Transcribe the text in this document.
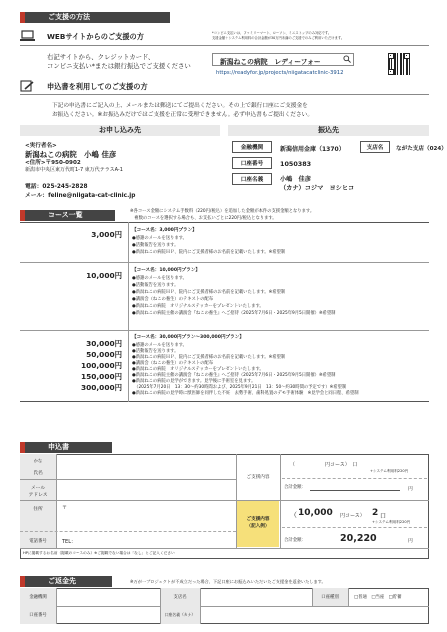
ご支援の方法
WEBサイトからのご支援の方	*コンビニ支払いは、ファミリーマート、ローソン、ミニストップのみ対応です。
支援金額＋システム利用料の合計金額が30万円未満のご支援でのみご利用いただけます。
右記サイトから、クレジットカード、
コンビニ支払い*または銀行振込でご支援ください	新潟ねこの病院　レディーフォー
https://readyfor.jp/projects/niigatacatclinic-3912
申込書を利用してのご支援の方
下記の申込書にご記入の上、メールまたは郵送にてご提出ください。その上で銀行口座にご支援金を
お振込ください。※お振込みだけではご支援を正常に受理できません。必ず申込書もご提出ください。
お申し込み先	振込先
<実行者名>
新潟ねこの病院　小嶋 佳彦
<住所>〒950-0902
新潟市中央区東万代町1-7 東万代テラスA-1
電話：025-245-2828
メール：feline@niigata-cat-clinic.jp
金融機関	新潟信用金庫（1370）	支店名	ながた支店（024）
口座番号	1050383
口座名義	小嶋　佳彦
（カナ）コジマ　ヨシヒコ
コース一覧	※各コース金額にシステム手数料（220円/税込）を追加した金額が本件の支援金額となります。
　複数のコースを選択する場合も、お支払いごとに220円/税込となります。
3,000円 【コース名：3,000円プラン】
●感謝のメールを送ります。
●活動報告を送ります。
●新潟ねこの病院ＨＰ、院内にご支援者様のお名前を記載いたします。※希望制
10,000円
【コース名：10,000円プラン】
●感謝のメールを送ります。
●活動報告を送ります。
●新潟ねこの病院ＨＰ、院内にご支援者様のお名前を記載いたします。※希望制
●講演会（ねこの養生）のテキストの配布
●新潟ねこの病院　オリジナルステッカーをプレゼントいたします。
●新潟ねこの病院主催の講演会『ねこの養生』へご招待（2025年7月6日・2025年9月5日開催）※希望制
30,000円
50,000円
100,000円
150,000円
300,000円
【コース名：30,000円プラン〜300,000円プラン】
●感謝のメールを送ります。
●活動報告を送ります。
●新潟ねこの病院ＨＰ、院内にご支援者様のお名前を記載いたします。※希望制
●講演会（ねこの養生）のテキストの配布
●新潟ねこの病院　オリジナルステッカーをプレゼントいたします。
●新潟ねこの病院主催の講演会『ねこの養生』へご招待（2025年7月6日・2025年9月5日開催）※希望制
●新潟ねこの病院の見学ができます。見学後に手術室を見ます。
　（2025年7月20日　13：30〜約30時間および、2025年9月21日　13：50〜約30時間の予定です）※希望制
●新潟ねこの病院の見学時に獣医師を同伴した不妊　去勢手術、歯科処置のデモ手術体験　※見学会と同日程、希望制
申込書
かな
氏名
メール
アドレス
住所	〒
電話番号	TEL：
ご支援内容
（　　　　　　円コース）　口
+システム利用料220円
合計金額：	円
ご支援内容
（記入例）
（ 10,000 円コース） 2 口
+システム利用料220円
合計金額：	20,220	円
HPに掲載するお名前（掲載のコースのみ）※ご掲載でない場合は「なし」とご記入ください
ご返金先	※万が一プロジェクトが不成立だった場合、下記口座にお振込みいただいたご支援金を返金いたします。
金融機関	支店名	口座種別	□普通　□当座　□貯蓄
口座番号	口座名義（カナ）
